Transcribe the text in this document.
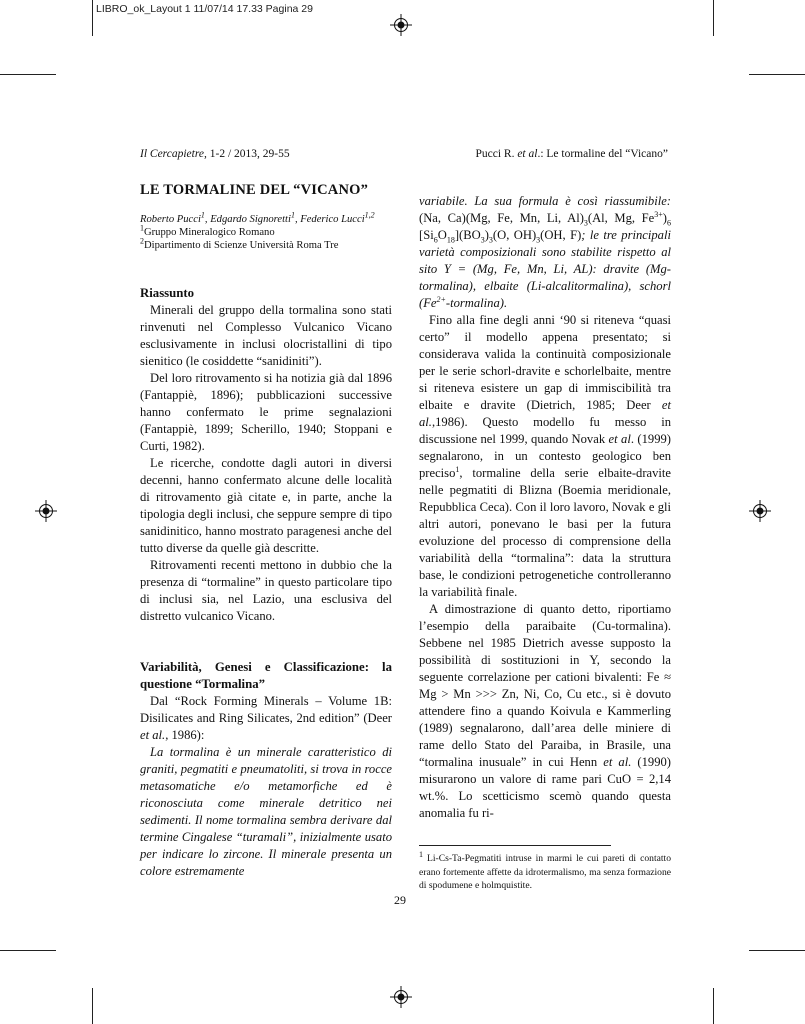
LIBRO_ok_Layout 1 11/07/14 17.33 Pagina 29
Il Cercapietre, 1-2 / 2013, 29-55	Pucci R. et al.: Le tormaline del “Vicano”

LE TORMALINE DEL “VICANO”

Roberto Pucci$^1$, Edgardo Signoretti$^1$, Federico Lucci$^{1,2}$

$^1$Gruppo Mineralogico Romano

$^2$Dipartimento di Scienze Università Roma Tre

Riassunto

Minerali del gruppo della tormalina sono stati rinvenuti nel Complesso Vulcanico Vicano esclusivamente in inclusi olocristallini di tipo sienitico (le cosiddette “sanidiniti”).

Del loro ritrovamento si ha notizia già dal 1896 (Fantappiè, 1896); pubblicazioni successive hanno confermato le prime segnalazioni (Fantappiè, 1899; Scherillo, 1940; Stoppani e Curti, 1982).

Le ricerche, condotte dagli autori in diversi decenni, hanno confermato alcune delle località di ritrovamento già citate e, in parte, anche la tipologia degli inclusi, che seppure sempre di tipo sanidinitico, hanno mostrato paragenesi anche del tutto diverse da quelle già descritte.

Ritrovamenti recenti mettono in dubbio che la presenza di “tormaline” in questo particolare tipo di inclusi sia, nel Lazio, una esclusiva del distretto vulcanico Vicano.

Variabilità, Genesi e Classificazione: la questione “Tormalina”

Dal “Rock Forming Minerals – Volume 1B: Disilicates and Ring Silicates, 2nd edition” (Deer et al., 1986):

La tormalina è un minerale caratteristico di graniti, pegmatiti e pneumatoliti, si trova in rocce metasomatiche e/o metamorfiche ed è riconosciuta come minerale detritico nei sedimenti. Il nome tormalina sembra derivare dal termine Cingalese “turamali”, inizialmente usato per indicare lo zircone. Il minerale presenta un colore estremamente

variabile. La sua formula è così riassumibile: (Na, Ca)(Mg, Fe, Mn, Li, $Al)_3(Al$, Mg, $Fe^{3+})_6$ $[Si_6O_{18}](BO_3)_3(O$, $OH)_3(OH$, F); le tre principali varietà composizionali sono stabilite rispetto al sito Y = (Mg, Fe, Mn, Li, AL): dravite (Mg-tormalina), elbaite (Li-alcalitormalina), schorl $(Fe^{2+}-tormalina)$.

Fino alla fine degli anni ‘90 si riteneva “quasi certo” il modello appena presentato; si considerava valida la continuità composizionale per le serie schorl-dravite e schorlelbaite, mentre si riteneva esistere un gap di immiscibilità tra elbaite e dravite (Dietrich, 1985; Deer et al.,1986). Questo modello fu messo in discussione nel 1999, quando Novak et al. (1999) segnalarono, in un contesto geologico ben preciso$^1$, tormaline della serie elbaite-dravite nelle pegmatiti di Blizna (Boemia meridionale, Repubblica Ceca). Con il loro lavoro, Novak e gli altri autori, ponevano le basi per la futura evoluzione del processo di comprensione della variabilità della “tormalina”: data la struttura base, le condizioni petrogenetiche controlleranno la variabilità finale.

A dimostrazione di quanto detto, riportiamo l’esempio della paraibaite (Cu-tormalina). Sebbene nel 1985 Dietrich avesse supposto la possibilità di sostituzioni in Y, secondo la seguente correlazione per cationi bivalenti: Fe ≈ Mg > Mn >>> Zn, Ni, Co, Cu etc., si è dovuto attendere fino a quando Koivula e Kammerling (1989) segnalarono, dall’area delle miniere di rame dello Stato del Paraiba, in Brasile, una “tormalina inusuale” in cui Henn et al. (1990) misurarono un valore di rame pari CuO = 2,14 wt.%. Lo scetticismo scemò quando questa anomalia fu ri-

$^1$ Li-Cs-Ta-Pegmatiti intruse in marmi le cui pareti di contatto erano fortemente affette da idrotermalismo, ma senza formazione di spodumene e holmquistite.

29
